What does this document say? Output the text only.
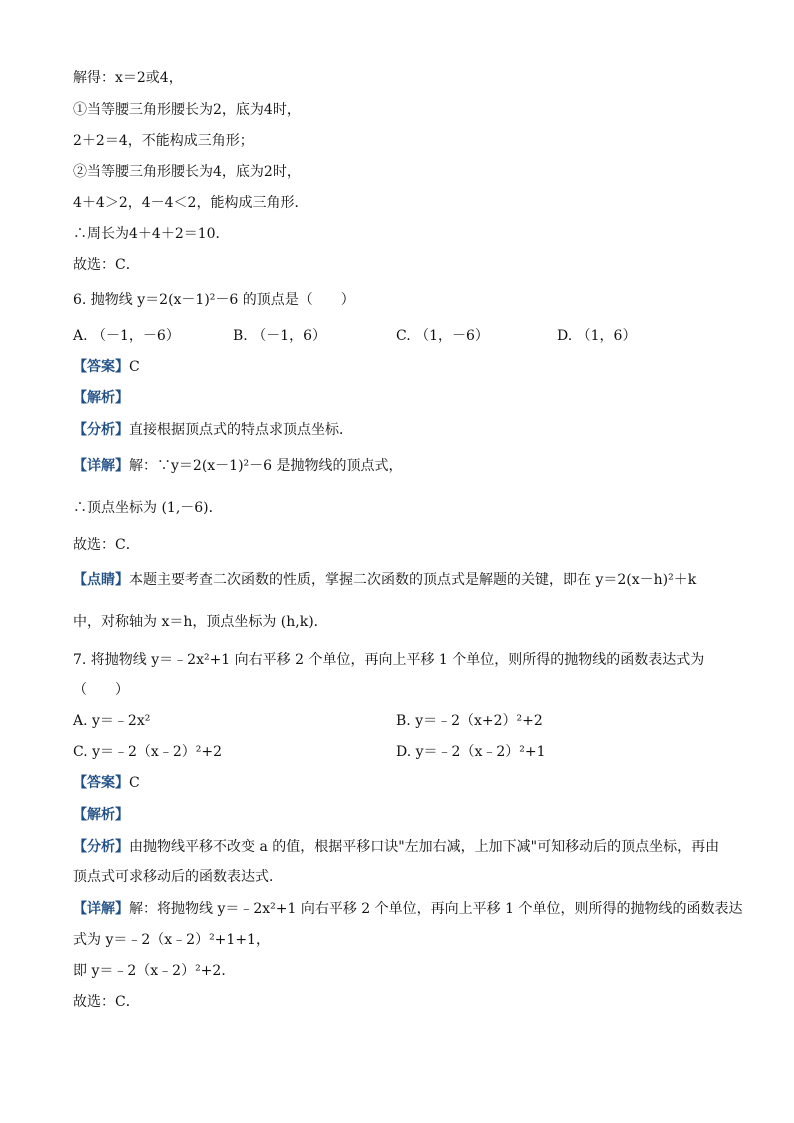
解得：x＝2或4，
①当等腰三角形腰长为2，底为4时，
2＋2＝4，不能构成三角形；
②当等腰三角形腰长为4，底为2时，
4＋4＞2，4－4＜2，能构成三角形．
∴周长为4＋4＋2＝10．
故选：C．
6. 抛物线 y＝2(x－1)²－6 的顶点是（　　）
A. （－1，－6）	B. （－1，6）	C. （1，－6）	D. （1，6）
【答案】C
【解析】
【分析】直接根据顶点式的特点求顶点坐标．
【详解】解：∵y＝2(x－1)²－6 是抛物线的顶点式，
∴顶点坐标为 (1,－6)．
故选：C．
【点睛】本题主要考查二次函数的性质，掌握二次函数的顶点式是解题的关键，即在 y＝2(x－h)²＋k
中，对称轴为 x＝h，顶点坐标为 (h,k)．
7. 将抛物线 y＝﹣2x²+1 向右平移 2 个单位，再向上平移 1 个单位，则所得的抛物线的函数表达式为
（　　）
A. y＝﹣2x²	B. y＝﹣2（x+2）²+2
C. y＝﹣2（x﹣2）²+2	D. y＝﹣2（x﹣2）²+1
【答案】C
【解析】
【分析】由抛物线平移不改变 a 的值，根据平移口诀"左加右减，上加下减"可知移动后的顶点坐标，再由
顶点式可求移动后的函数表达式．
【详解】解：将抛物线 y＝﹣2x²+1 向右平移 2 个单位，再向上平移 1 个单位，则所得的抛物线的函数表达
式为 y＝﹣2（x﹣2）²+1+1，
即 y＝﹣2（x﹣2）²+2．
故选：C．
